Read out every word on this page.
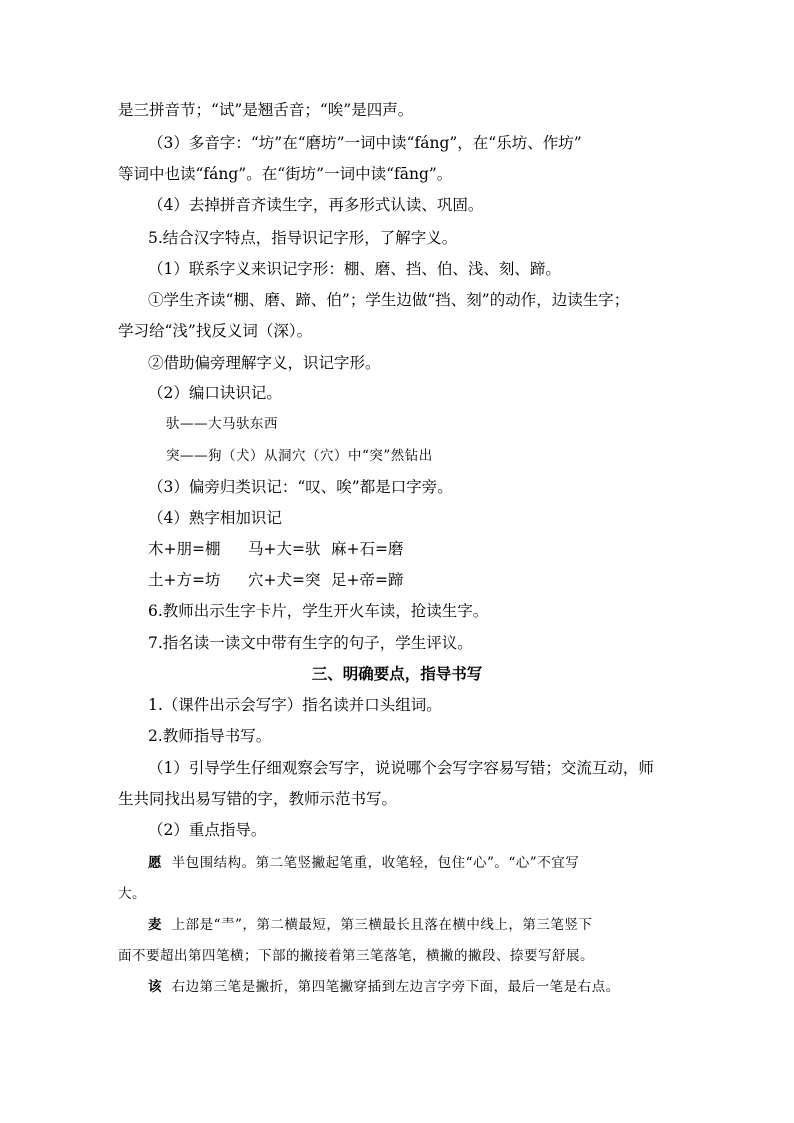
是三拼音节；“试”是翘舌音；“唉”是四声。
（3）多音字：“坊”在“磨坊”一词中读“fáng”，在“乐坊、作坊”
等词中也读“fáng”。在“街坊”一词中读“fāng”。
（4）去掉拼音齐读生字，再多形式认读、巩固。
5.结合汉字特点，指导识记字形，了解字义。
（1）联系字义来识记字形：棚、磨、挡、伯、浅、刻、蹄。
①学生齐读“棚、磨、蹄、伯”；学生边做“挡、刻”的动作，边读生字；
学习给“浅”找反义词（深）。
②借助偏旁理解字义，识记字形。
（2）编口诀识记。
驮——大马驮东西
突——狗（犬）从洞穴（穴）中“突”然钻出
（3）偏旁归类识记：“叹、唉”都是口字旁。
（4）熟字相加识记
木+朋=棚 马+大=驮 麻+石=磨
土+方=坊 穴+犬=突 足+帝=蹄
6.教师出示生字卡片，学生开火车读，抢读生字。
7.指名读一读文中带有生字的句子，学生评议。
三、明确要点，指导书写
1.（课件出示会写字）指名读并口头组词。
2.教师指导书写。
（1）引导学生仔细观察会写字，说说哪个会写字容易写错；交流互动，师
生共同找出易写错的字，教师示范书写。
（2）重点指导。
愿 半包围结构。第二笔竖撇起笔重，收笔轻，包住“心”。“心”不宜写
大。
麦 上部是“龶”，第二横最短，第三横最长且落在横中线上，第三笔竖下
面不要超出第四笔横；下部的撇接着第三笔落笔，横撇的撇段、捺要写舒展。
该 右边第三笔是撇折，第四笔撇穿插到左边言字旁下面，最后一笔是右点。
